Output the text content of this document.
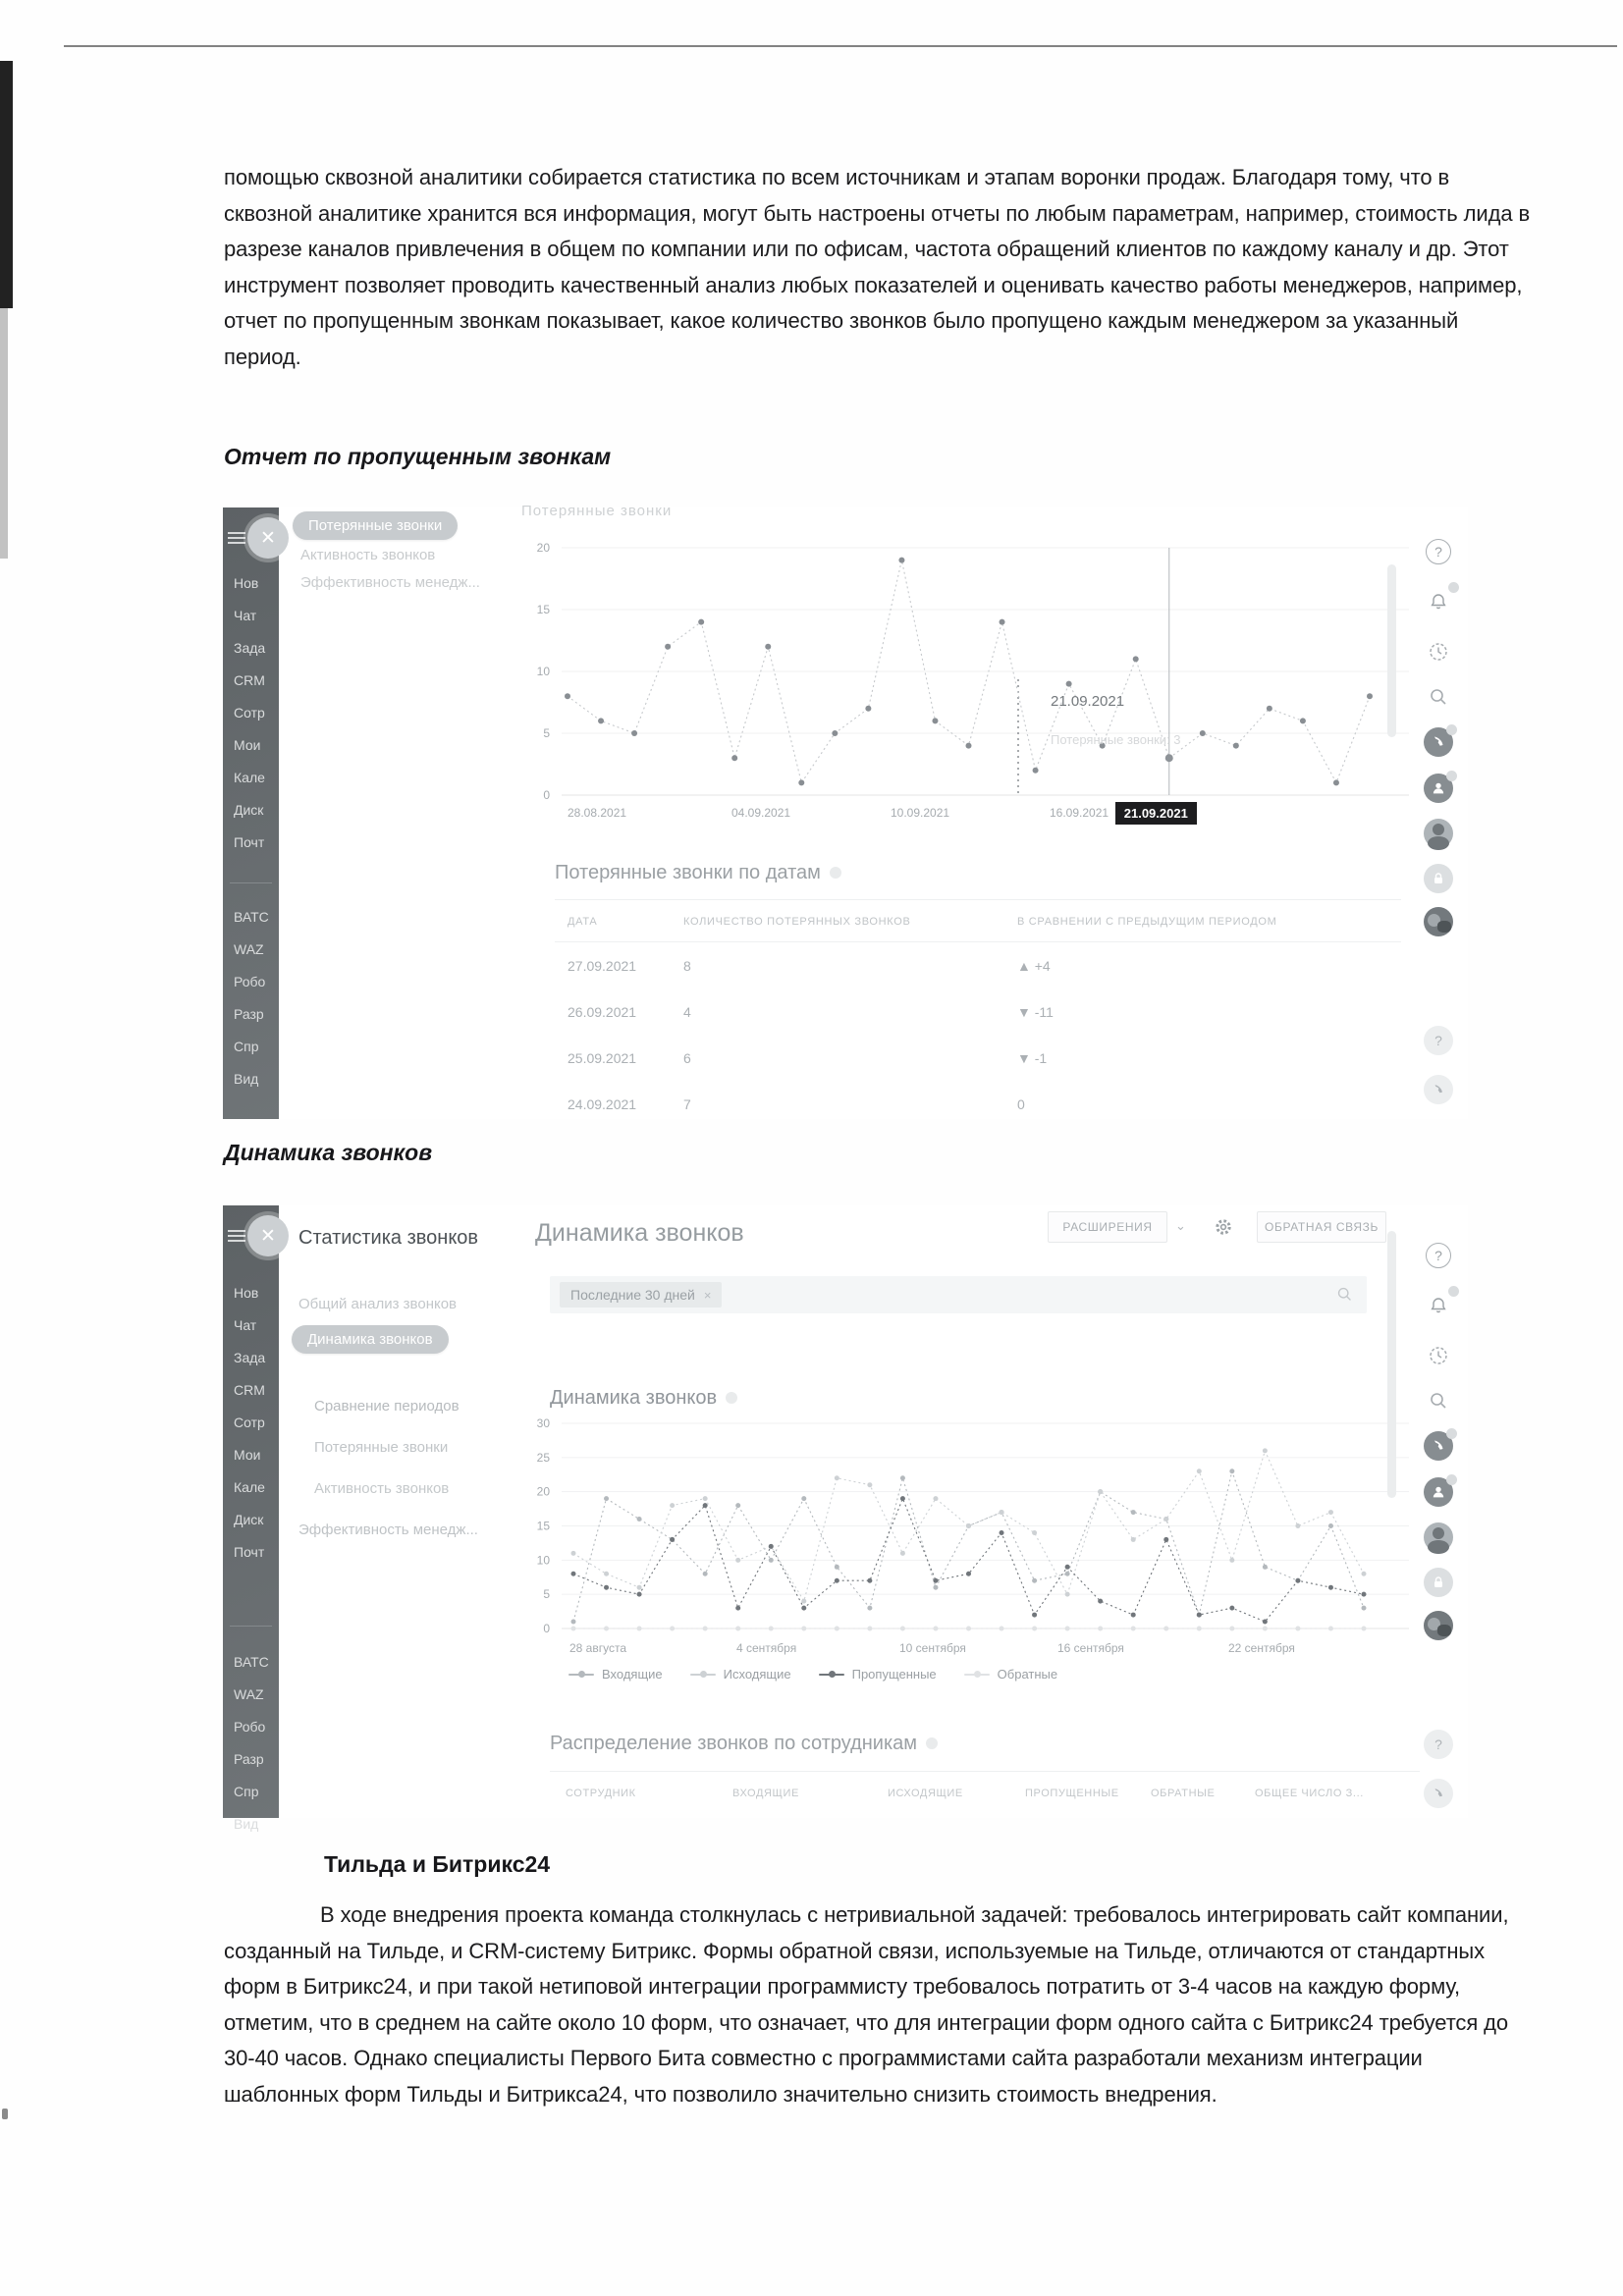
помощью сквозной аналитики собирается статистика по всем источникам и этапам воронки продаж. Благодаря тому, что в сквозной аналитике хранится вся информация, могут быть настроены отчеты по любым параметрам, например, стоимость лида в разрезе каналов привлечения в общем по компании или по офисам, частота обращений клиентов по каждому каналу и др. Этот инструмент позволяет проводить качественный анализ любых показателей и оценивать качество работы менеджеров, например, отчет по пропущенным звонкам показывает, какое количество звонков было пропущено каждым менеджером за указанный период.

Отчет по пропущенным звонкам
✕
Нов
Чат
Зада
CRM
Сотр
Мои
Кале
Диск
Почт
ВАТС
WAZ
Робо
Разр
Спр
Вид
Потерянные звонки
Активность звонков
Эффективность менедж...
Потерянные звонки
0
5
10
15
20
28.08.2021	04.09.2021	10.09.2021	16.09.2021
21.09.2021
Потерянные звонки: 3
21.09.2021
Потерянные звонки по датам
ДАТА	КОЛИЧЕСТВО ПОТЕРЯННЫХ ЗВОНКОВ	В СРАВНЕНИИ С ПРЕДЫДУЩИМ ПЕРИОДОМ
27.09.2021	8	▲ +4
26.09.2021	4	▼ -11
25.09.2021	6	▼ -1
24.09.2021	7	0
?
?
Динамика звонков
✕
Нов
Чат
Зада
CRM
Сотр
Мои
Кале
Диск
Почт
ВАТС
WAZ
Робо
Разр
Спр
Вид
Статистика звонков
Общий анализ звонков
Динамика звонков
Сравнение периодов
Потерянные звонки
Активность звонков
Эффективность менедж...
Динамика звонков	РАСШИРЕНИЯ	⌄	ОБРАТНАЯ СВЯЗЬ
Последние 30 дней ×
Динамика звонков
0
5
10
15
20
25
30
28 августа	4 сентября	10 сентября	16 сентября	22 сентября
Входящие	Исходящие	Пропущенные	Обратные
Распределение звонков по сотрудникам
СОТРУДНИК	ВХОДЯЩИЕ	ИСХОДЯЩИЕ	ПРОПУЩЕННЫЕ	ОБРАТНЫЕ	ОБЩЕЕ ЧИСЛО З...
?
?
Тильда и Битрикс24

В ходе внедрения проекта команда столкнулась с нетривиальной задачей: требовалось интегрировать сайт компании, созданный на Тильде, и CRM-систему Битрикс. Формы обратной связи, используемые на Тильде, отличаются от стандартных форм в Битрикс24, и при такой нетиповой интеграции программисту требовалось потратить от 3-4 часов на каждую форму, отметим, что в среднем на сайте около 10 форм, что означает, что для интеграции форм одного сайта с Битрикс24 требуется до 30-40 часов. Однако специалисты Первого Бита совместно с программистами сайта разработали механизм интеграции шаблонных форм Тильды и Битрикса24, что позволило значительно снизить стоимость внедрения.
